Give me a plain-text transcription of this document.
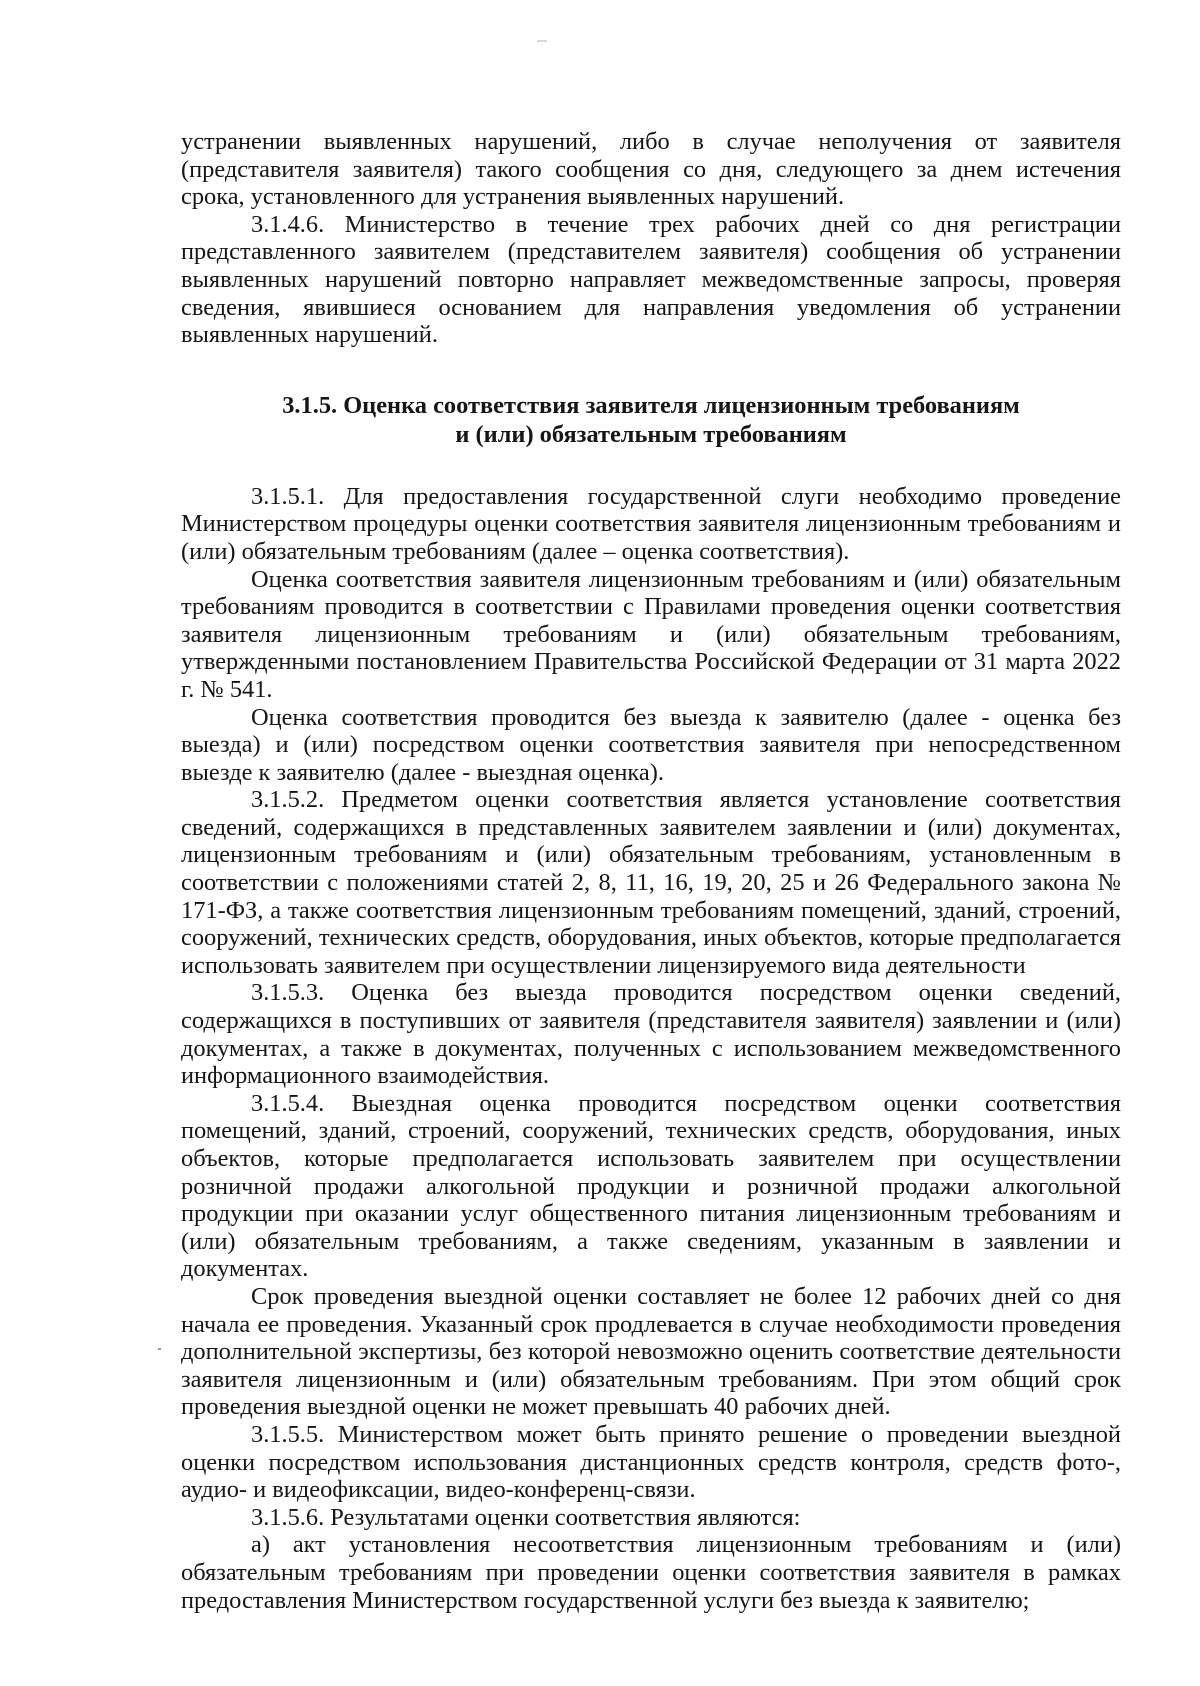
устранении выявленных нарушений, либо в случае неполучения от заявителя (представителя заявителя) такого сообщения со дня, следующего за днем истечения срока, установленного для устранения выявленных нарушений.

3.1.4.6. Министерство в течение трех рабочих дней со дня регистрации представленного заявителем (представителем заявителя) сообщения об устранении выявленных нарушений повторно направляет межведомственные запросы, проверяя сведения, явившиеся основанием для направления уведомления об устранении выявленных нарушений.

3.1.5. Оценка соответствия заявителя лицензионным требованиям
и (или) обязательным требованиям

3.1.5.1. Для предоставления государственной слуги необходимо проведение Министерством процедуры оценки соответствия заявителя лицензионным требованиям и (или) обязательным требованиям (далее – оценка соответствия).

Оценка соответствия заявителя лицензионным требованиям и (или) обязательным требованиям проводится в соответствии с Правилами проведения оценки соответствия заявителя лицензионным требованиям и (или) обязательным требованиям, утвержденными постановлением Правительства Российской Федерации от 31 марта 2022 г. № 541.

Оценка соответствия проводится без выезда к заявителю (далее - оценка без выезда) и (или) посредством оценки соответствия заявителя при непосредственном выезде к заявителю (далее - выездная оценка).

3.1.5.2. Предметом оценки соответствия является установление соответствия сведений, содержащихся в представленных заявителем заявлении и (или) документах, лицензионным требованиям и (или) обязательным требованиям, установленным в соответствии с положениями статей 2, 8, 11, 16, 19, 20, 25 и 26 Федерального закона № 171-ФЗ, а также соответствия лицензионным требованиям помещений, зданий, строений, сооружений, технических средств, оборудования, иных объектов, которые предполагается использовать заявителем при осуществлении лицензируемого вида деятельности

3.1.5.3. Оценка без выезда проводится посредством оценки сведений, содержащихся в поступивших от заявителя (представителя заявителя) заявлении и (или) документах, а также в документах, полученных с использованием межведомственного информационного взаимодействия.

3.1.5.4. Выездная оценка проводится посредством оценки соответствия помещений, зданий, строений, сооружений, технических средств, оборудования, иных объектов, которые предполагается использовать заявителем при осуществлении розничной продажи алкогольной продукции и розничной продажи алкогольной продукции при оказании услуг общественного питания лицензионным требованиям и (или) обязательным требованиям, а также сведениям, указанным в заявлении и документах.

Срок проведения выездной оценки составляет не более 12 рабочих дней со дня начала ее проведения. Указанный срок продлевается в случае необходимости проведения дополнительной экспертизы, без которой невозможно оценить соответствие деятельности заявителя лицензионным и (или) обязательным требованиям. При этом общий срок проведения выездной оценки не может превышать 40 рабочих дней.

3.1.5.5. Министерством может быть принято решение о проведении выездной оценки посредством использования дистанционных средств контроля, средств фото-, аудио- и видеофиксации, видео-конференц-связи.

3.1.5.6. Результатами оценки соответствия являются:

а) акт установления несоответствия лицензионным требованиям и (или) обязательным требованиям при проведении оценки соответствия заявителя в рамках предоставления Министерством государственной услуги без выезда к заявителю;
